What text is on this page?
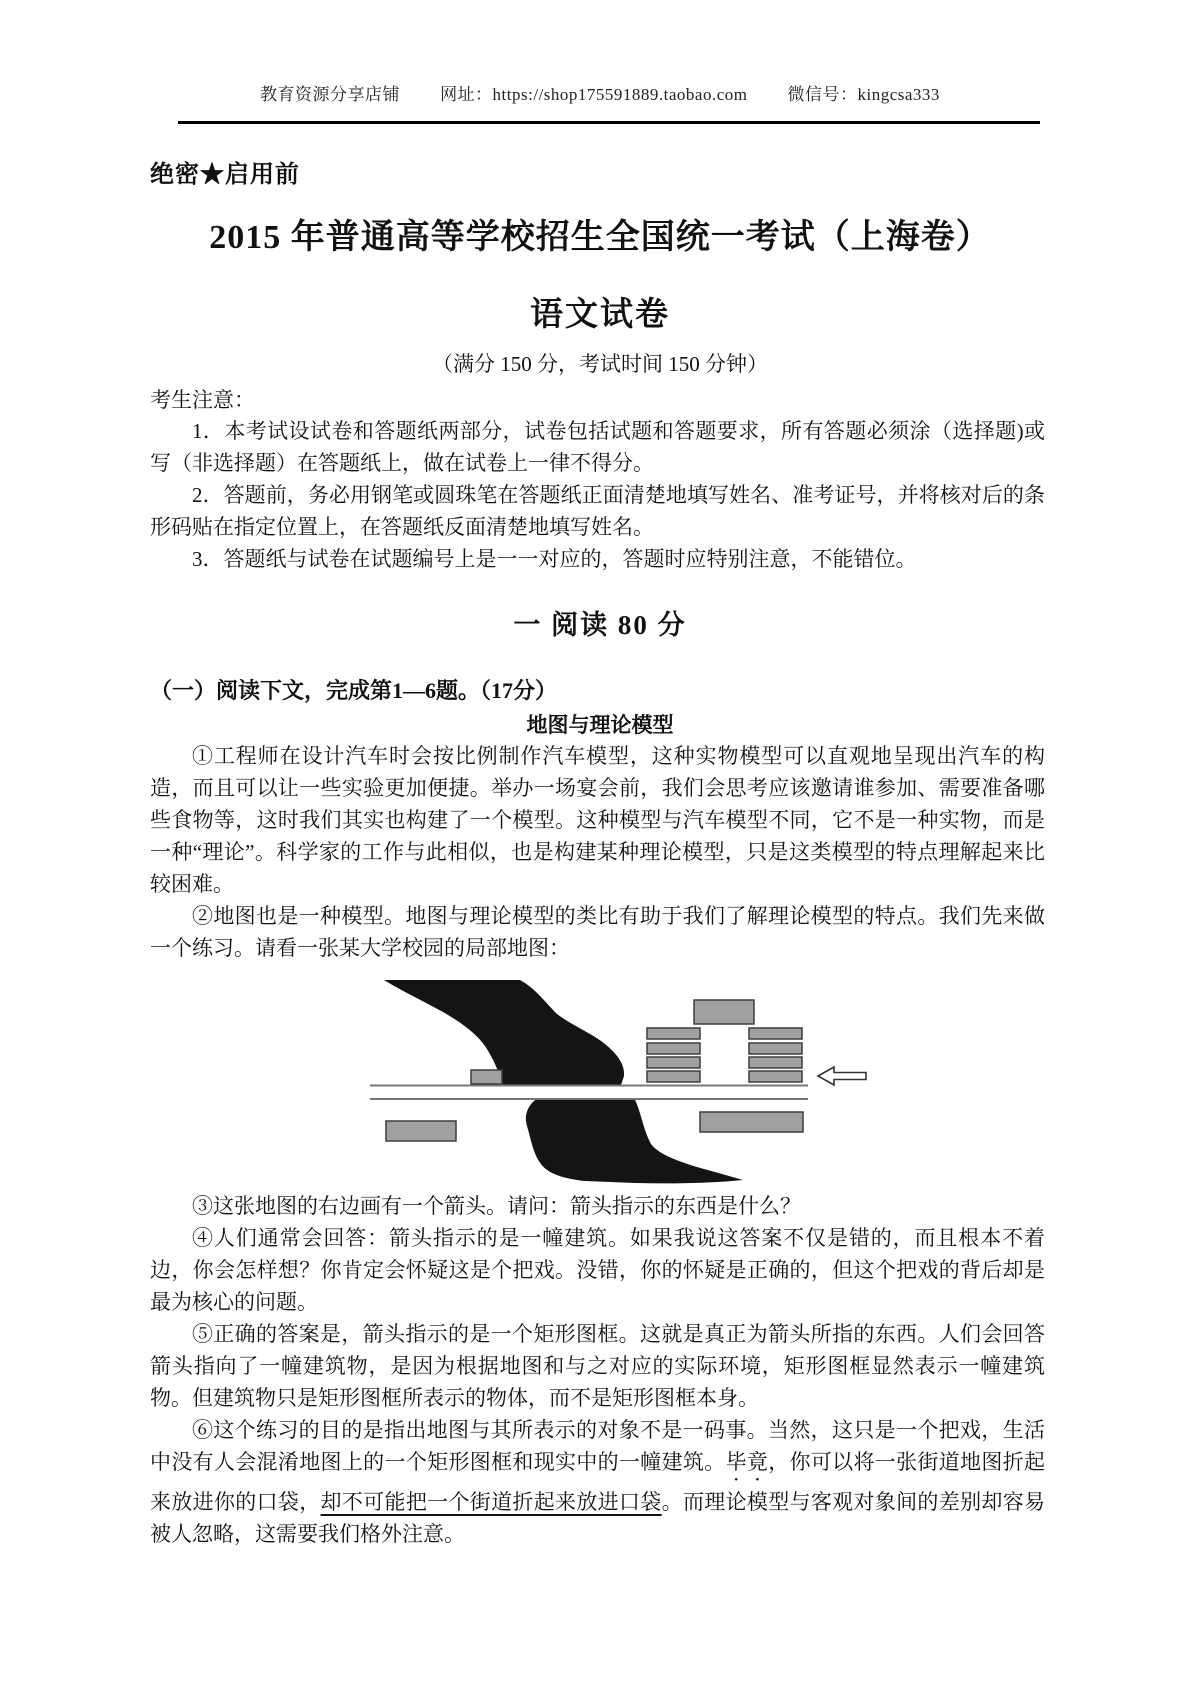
教育资源分享店铺 网址：https://shop175591889.taobao.com 微信号：kingcsa333
绝密★启用前
2015 年普通高等学校招生全国统一考试（上海卷）
语文试卷
（满分 150 分，考试时间 150 分钟）
考生注意：

1．本考试设试卷和答题纸两部分，试卷包括试题和答题要求，所有答题必须涂（选择题)或写（非选择题）在答题纸上，做在试卷上一律不得分。

2．答题前，务必用钢笔或圆珠笔在答题纸正面清楚地填写姓名、准考证号，并将核对后的条形码贴在指定位置上，在答题纸反面清楚地填写姓名。

3．答题纸与试卷在试题编号上是一一对应的，答题时应特别注意，不能错位。

一 阅读 80 分
（一）阅读下文，完成第1—6题。（17分）
地图与理论模型

①工程师在设计汽车时会按比例制作汽车模型，这种实物模型可以直观地呈现出汽车的构造，而且可以让一些实验更加便捷。举办一场宴会前，我们会思考应该邀请谁参加、需要准备哪些食物等，这时我们其实也构建了一个模型。这种模型与汽车模型不同，它不是一种实物，而是一种“理论”。科学家的工作与此相似，也是构建某种理论模型，只是这类模型的特点理解起来比较困难。

②地图也是一种模型。地图与理论模型的类比有助于我们了解理论模型的特点。我们先来做一个练习。请看一张某大学校园的局部地图：

③这张地图的右边画有一个箭头。请问：箭头指示的东西是什么？

④人们通常会回答：箭头指示的是一幢建筑。如果我说这答案不仅是错的，而且根本不着边，你会怎样想？你肯定会怀疑这是个把戏。没错，你的怀疑是正确的，但这个把戏的背后却是最为核心的问题。

⑤正确的答案是，箭头指示的是一个矩形图框。这就是真正为箭头所指的东西。人们会回答箭头指向了一幢建筑物，是因为根据地图和与之对应的实际环境，矩形图框显然表示一幢建筑物。但建筑物只是矩形图框所表示的物体，而不是矩形图框本身。

⑥这个练习的目的是指出地图与其所表示的对象不是一码事。当然，这只是一个把戏，生活中没有人会混淆地图上的一个矩形图框和现实中的一幢建筑。毕竟，你可以将一张街道地图折起来放进你的口袋，却不可能把一个街道折起来放进口袋。而理论模型与客观对象间的差别却容易被人忽略，这需要我们格外注意。
